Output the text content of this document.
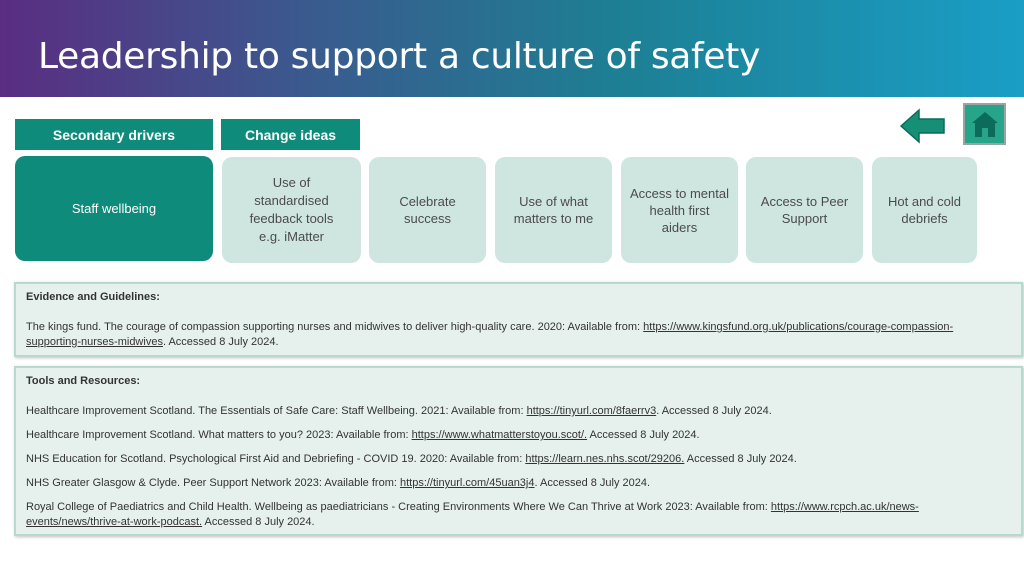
Leadership to support a culture of safety
Secondary drivers	Change ideas
Staff wellbeing
Use of
standardised
feedback tools
e.g. iMatter
Celebrate
success
Use of what
matters to me
Access to mental
health first
aiders
Access to Peer
Support
Hot and cold
debriefs
Evidence and Guidelines:
The kings fund. The courage of compassion supporting nurses and midwives to deliver high-quality care. 2020: Available from: https://www.kingsfund.org.uk/publications/courage-compassion-supporting-nurses-midwives. Accessed 8 July 2024.
Tools and Resources:
Healthcare Improvement Scotland. The Essentials of Safe Care: Staff Wellbeing. 2021: Available from: https://tinyurl.com/8faerrv3. Accessed 8 July 2024.
Healthcare Improvement Scotland. What matters to you? 2023: Available from: https://www.whatmatterstoyou.scot/. Accessed 8 July 2024.
NHS Education for Scotland. Psychological First Aid and Debriefing - COVID 19. 2020: Available from: https://learn.nes.nhs.scot/29206. Accessed 8 July 2024.
NHS Greater Glasgow & Clyde. Peer Support Network 2023: Available from: https://tinyurl.com/45uan3j4. Accessed 8 July 2024.
Royal College of Paediatrics and Child Health. Wellbeing as paediatricians - Creating Environments Where We Can Thrive at Work 2023: Available from: https://www.rcpch.ac.uk/news-events/news/thrive-at-work-podcast. Accessed 8 July 2024.
